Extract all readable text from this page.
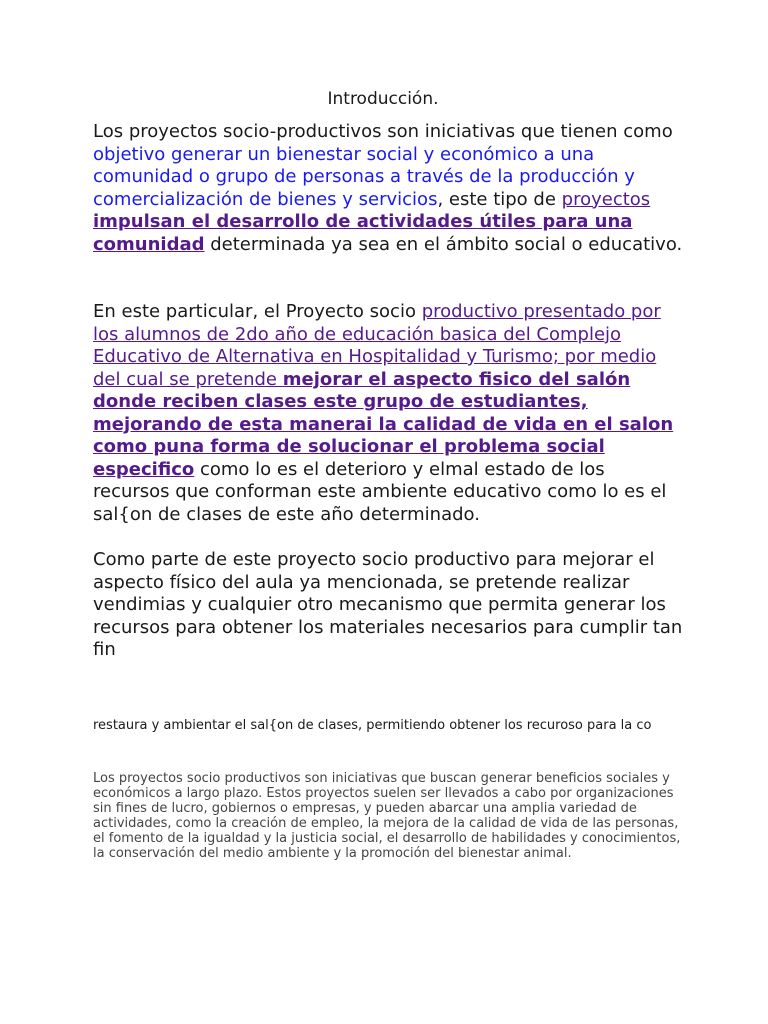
Introducción.

Los proyectos socio-productivos son iniciativas que tienen como objetivo generar un bienestar social y económico a una comunidad o grupo de personas a través de la producción y comercialización de bienes y servicios, este tipo de proyectos impulsan el desarrollo de actividades útiles para una comunidad determinada ya sea en el ámbito social o educativo.

En este particular, el Proyecto socio productivo presentado por los alumnos de 2do año de educación basica del Complejo Educativo de Alternativa en Hospitalidad y Turismo; por medio del cual se pretende mejorar el aspecto fisico del salón donde reciben clases este grupo de estudiantes, mejorando de esta manerai la calidad de vida en el salon como puna forma de solucionar el problema social especifico como lo es el deterioro y elmal estado de los recursos que conforman este ambiente educativo como lo es el sal{on de clases de este año determinado.

Como parte de este proyecto socio productivo para mejorar el aspecto físico del aula ya mencionada, se pretende realizar vendimias y cualquier otro mecanismo que permita generar los recursos para obtener los materiales necesarios para cumplir tan fin

restaura y ambientar el sal{on de clases, permitiendo obtener los recuroso para la co

Los proyectos socio productivos son iniciativas que buscan generar beneficios sociales y económicos a largo plazo. Estos proyectos suelen ser llevados a cabo por organizaciones sin fines de lucro, gobiernos o empresas, y pueden abarcar una amplia variedad de actividades, como la creación de empleo, la mejora de la calidad de vida de las personas, el fomento de la igualdad y la justicia social, el desarrollo de habilidades y conocimientos, la conservación del medio ambiente y la promoción del bienestar animal.
